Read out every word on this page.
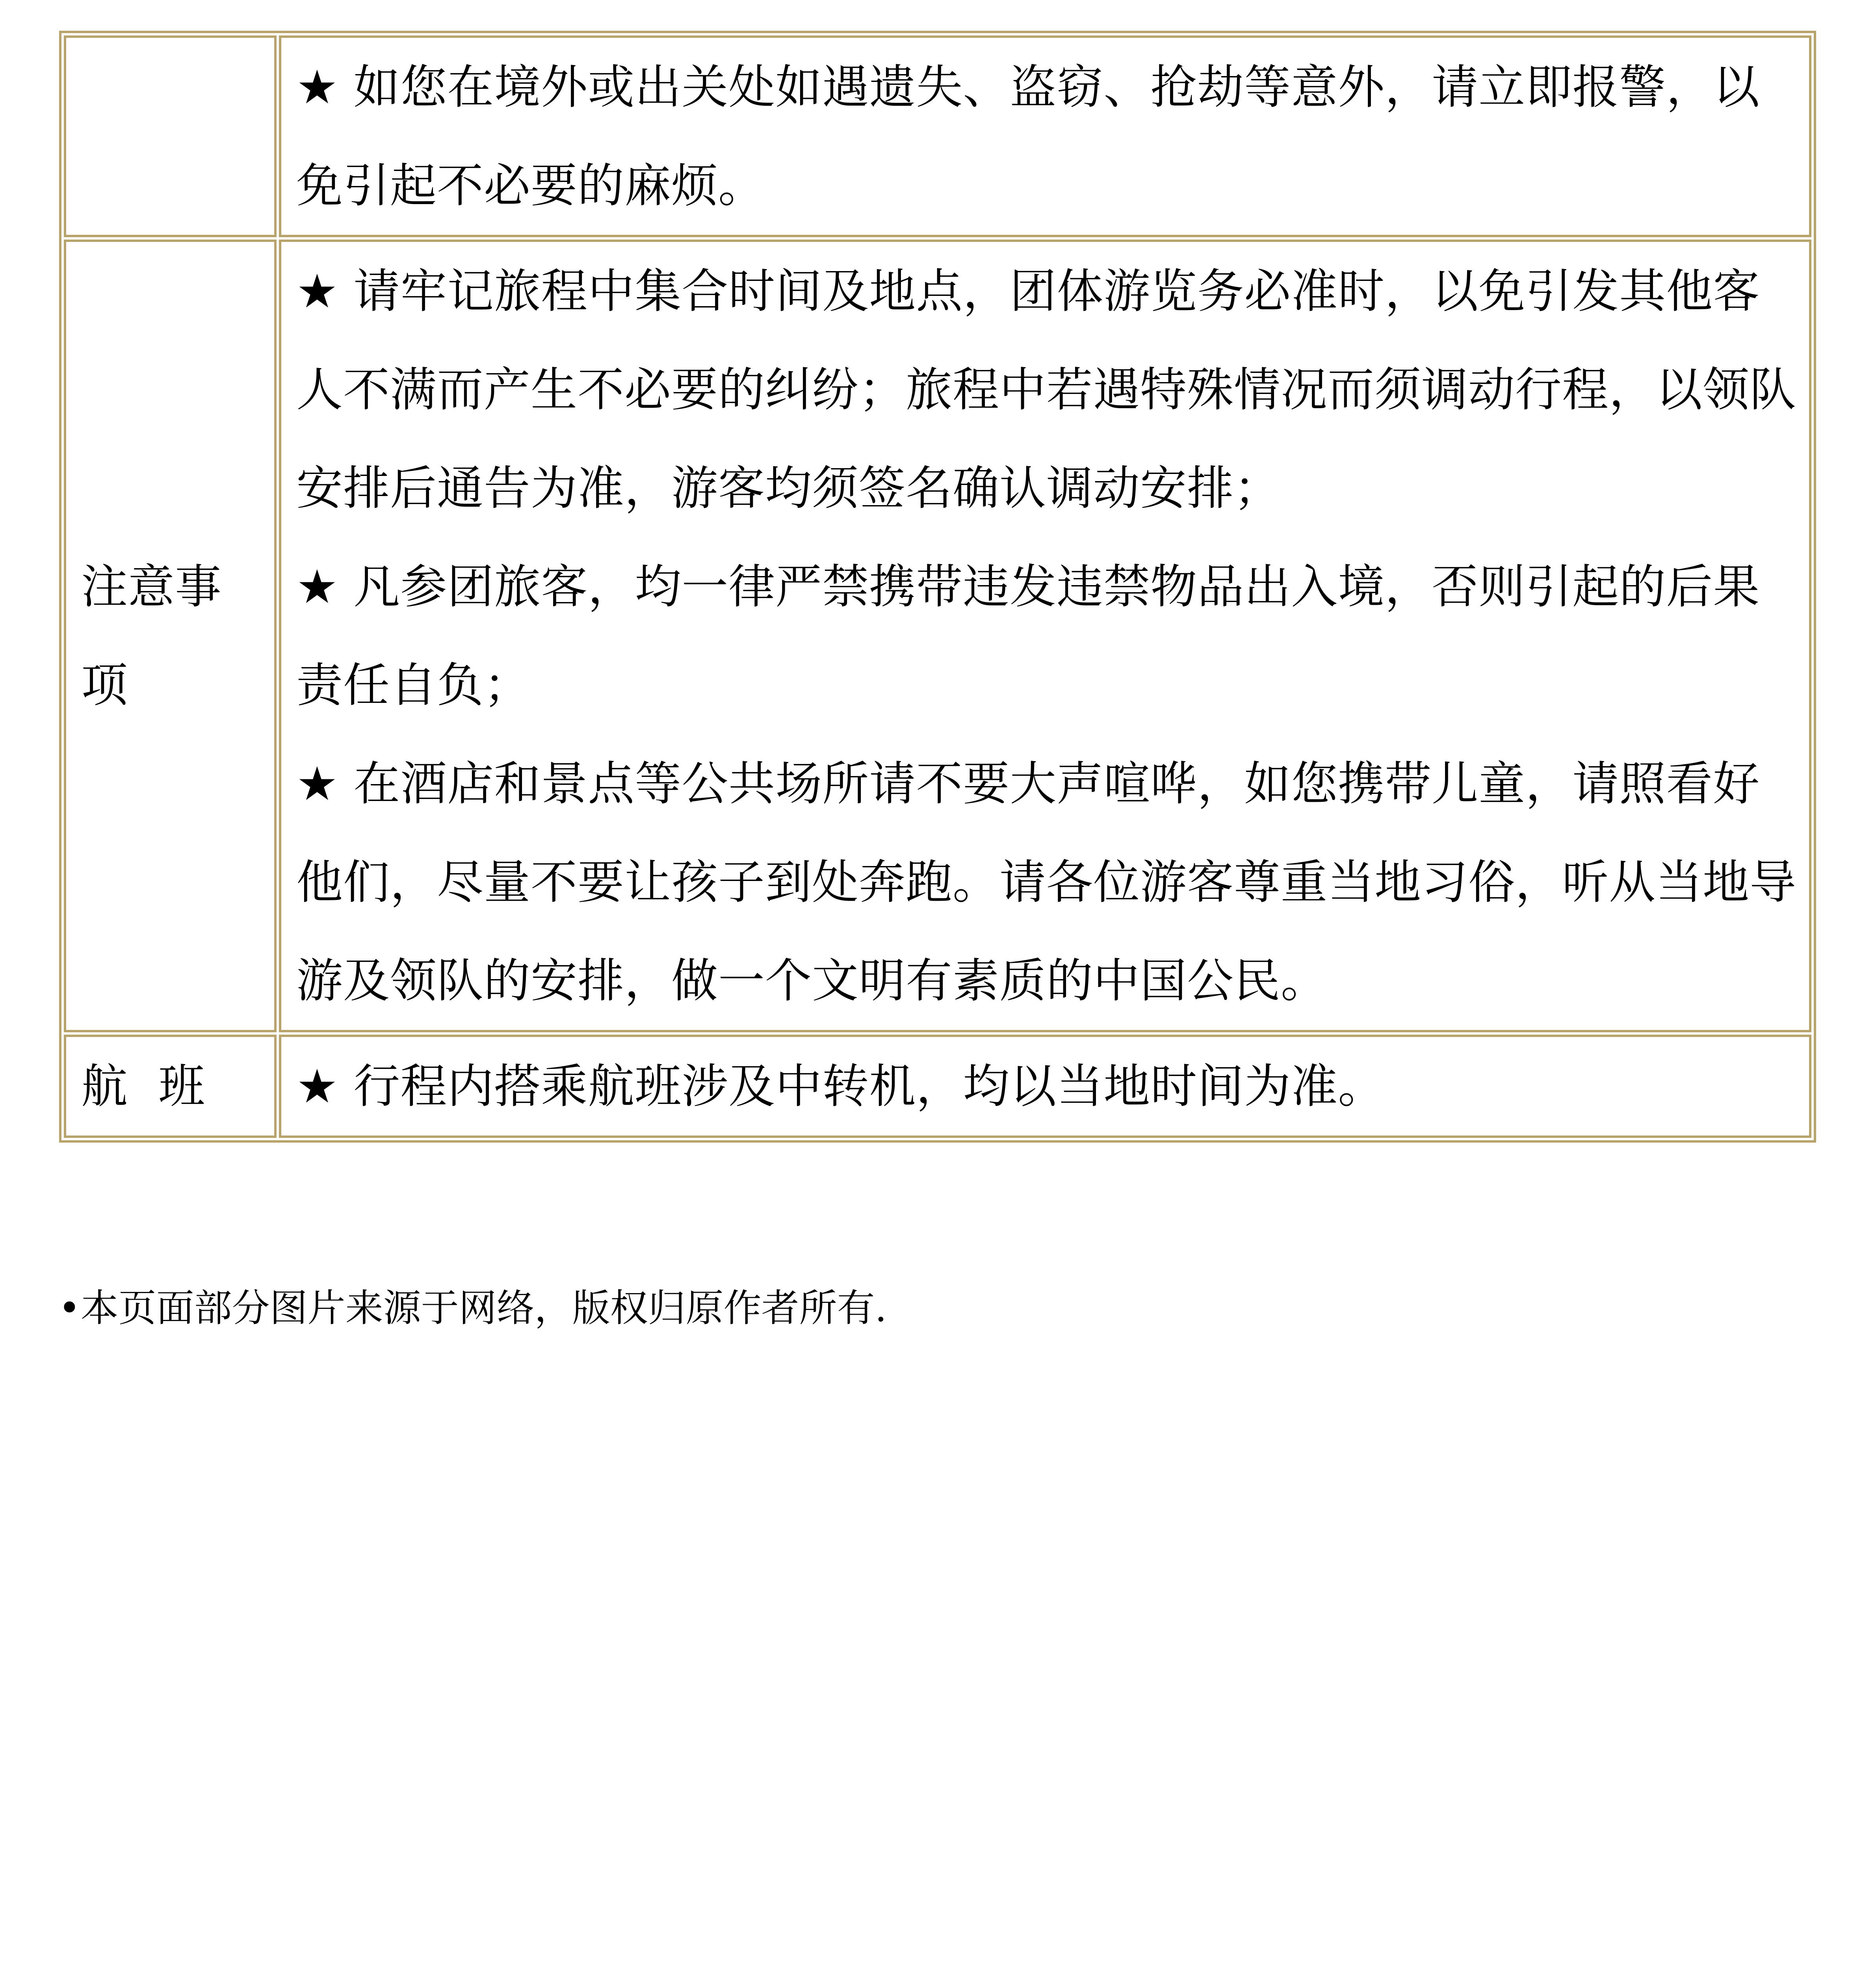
	★ 如您在境外或出关处如遇遗失、盗窃、抢劫等意外，请立即报警，以免引起不必要的麻烦。

注意事项	★ 请牢记旅程中集合时间及地点，团体游览务必准时，以免引发其他客人不满而产生不必要的纠纷；旅程中若遇特殊情况而须调动行程，以领队安排后通告为准，游客均须签名确认调动安排；
★ 凡参团旅客，均一律严禁携带违发违禁物品出入境，否则引起的后果责任自负；
★ 在酒店和景点等公共场所请不要大声喧哗，如您携带儿童，请照看好他们，尽量不要让孩子到处奔跑。请各位游客尊重当地习俗，听从当地导游及领队的安排，做一个文明有素质的中国公民。

航  班	★ 行程内搭乘航班涉及中转机，均以当地时间为准。
•本页面部分图片来源于网络，版权归原作者所有.
